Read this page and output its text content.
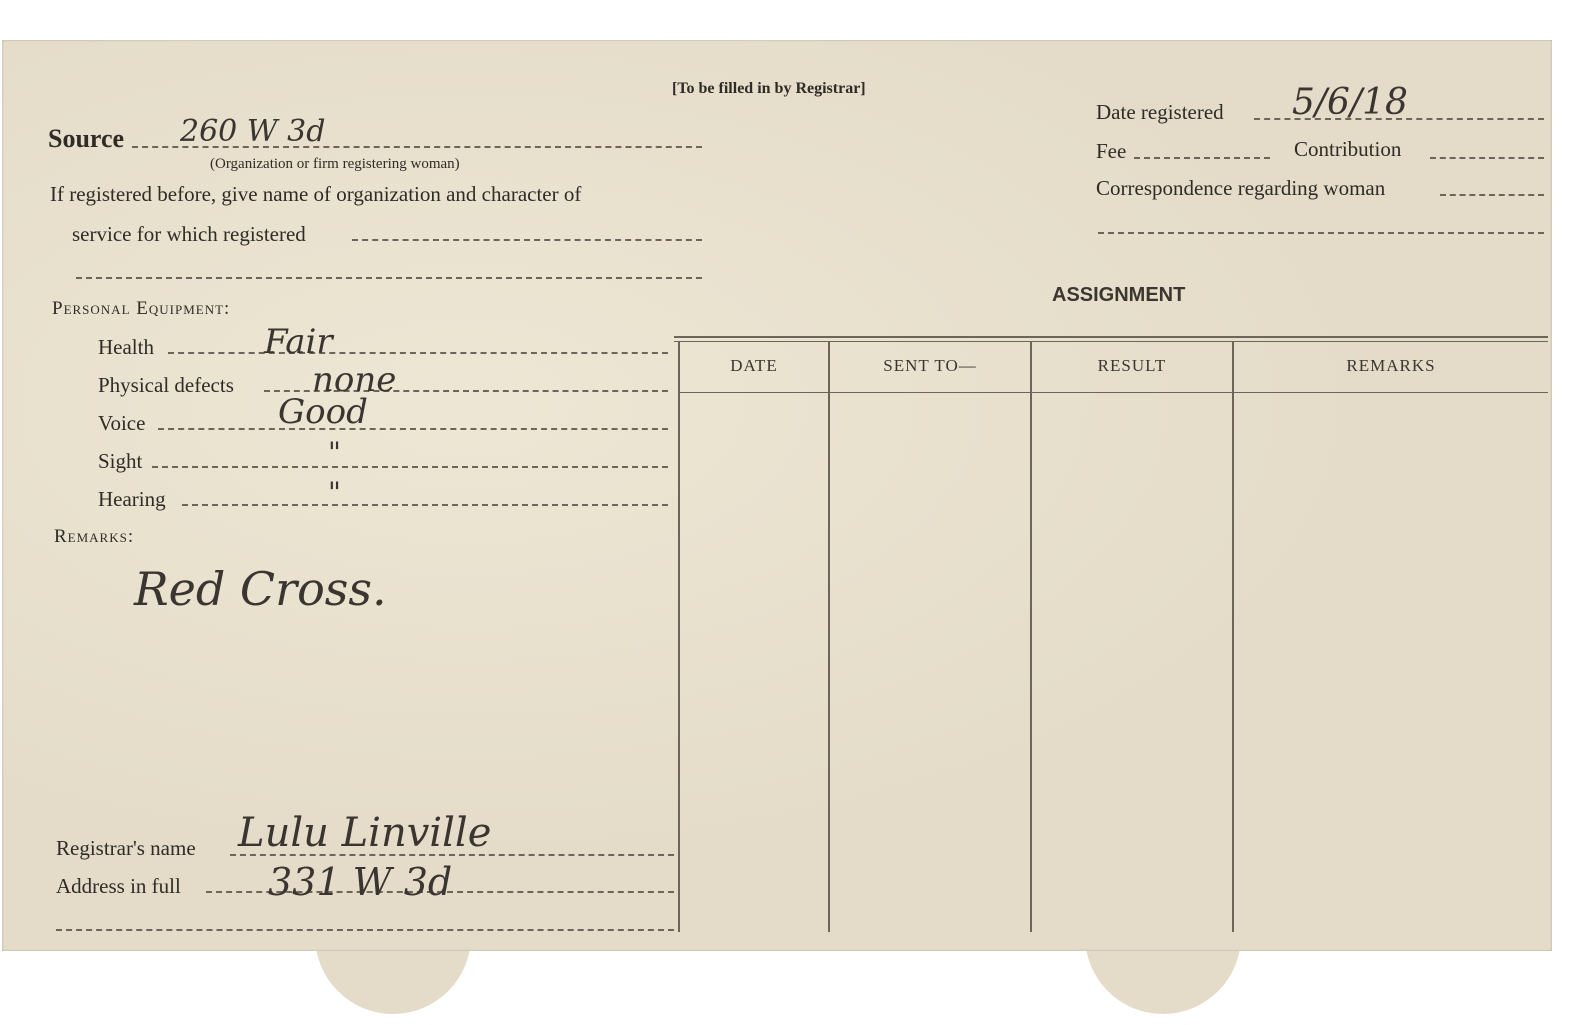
[To be filled in by Registrar]
Source 260 W 3d
(Organization or firm registering woman)
If registered before, give name of organization and character of
service for which registered
Date registered 5/6/18
Fee	Contribution
Correspondence regarding woman
Personal Equipment:
Health	Fair
Physical defects none
Voice	Good
Sight	"
Hearing	"
Remarks:
Red Cross.
Registrar's name Lulu Linville
Address in full 331 W 3d
ASSIGNMENT
DATE	SENT TO—	RESULT	REMARKS
